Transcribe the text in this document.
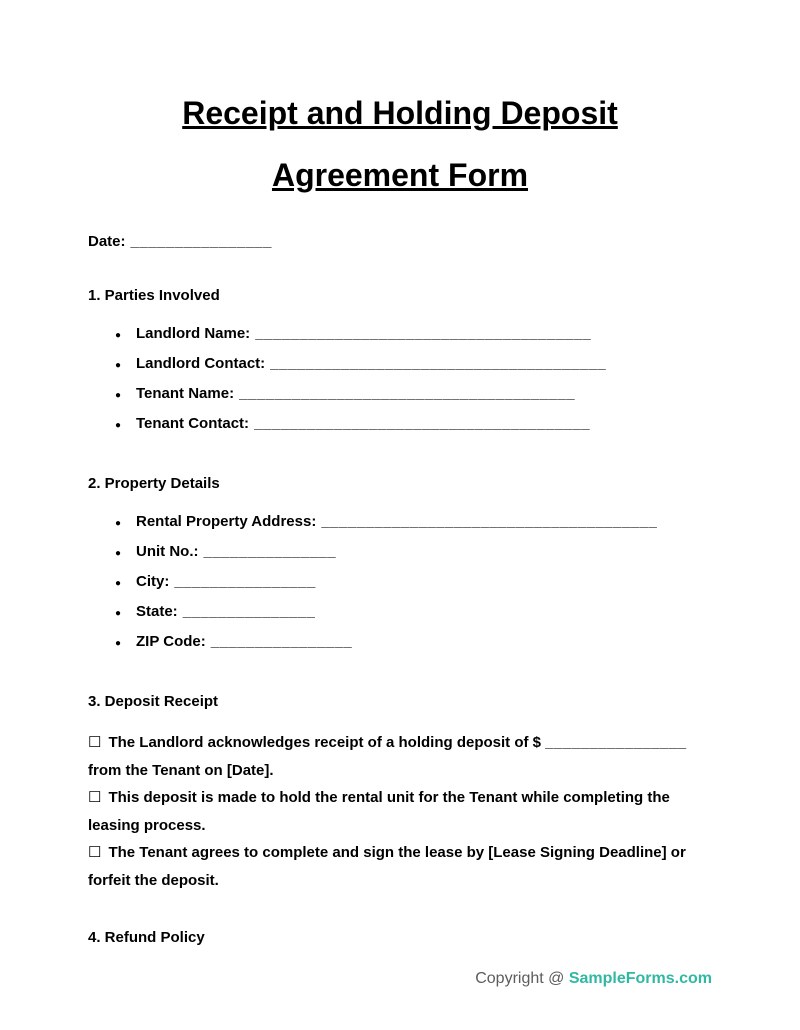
Receipt and Holding Deposit
Agreement Form
Date: ________________
1. Parties Involved
● Landlord Name: ______________________________________
● Landlord Contact: ______________________________________
● Tenant Name: ______________________________________
● Tenant Contact: ______________________________________
2. Property Details
● Rental Property Address: ______________________________________
● Unit No.: _______________
● City: ________________
● State: _______________
● ZIP Code: ________________
3. Deposit Receipt

☐ The Landlord acknowledges receipt of a holding deposit of $ ________________ from the Tenant on [Date].

☐ This deposit is made to hold the rental unit for the Tenant while completing the leasing process.

☐ The Tenant agrees to complete and sign the lease by [Lease Signing Deadline] or forfeit the deposit.

4. Refund Policy
Copyright @ SampleForms.com
